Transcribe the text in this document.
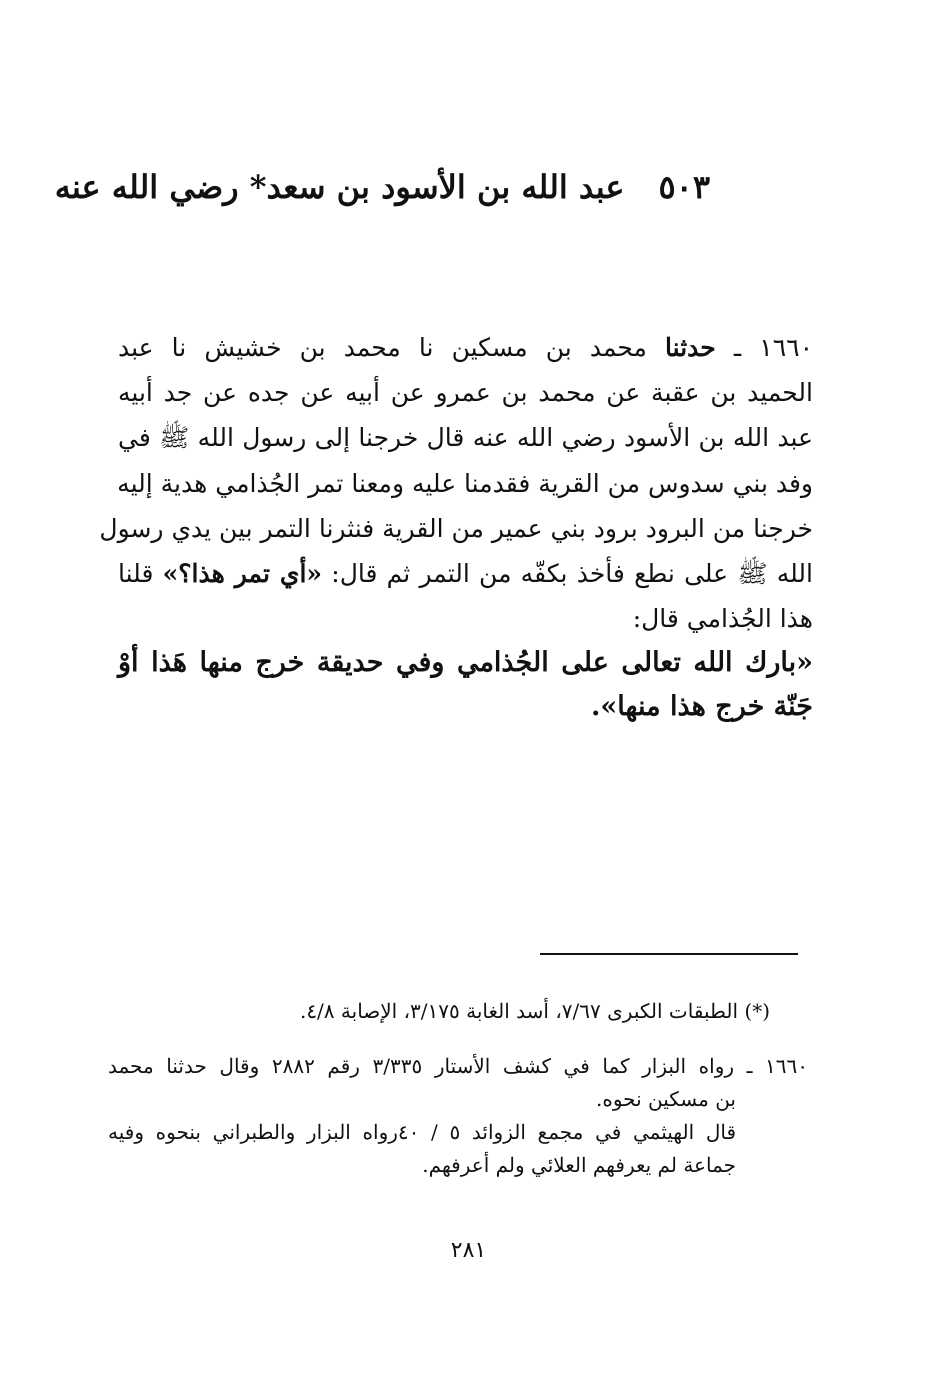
٥٠٣عبد الله بن الأسود بن سعد* رضي الله عنه
١٦٦٠ ـ حدثنا محمد بن مسكين نا محمد بن خشيش نا عبد
الحميد بن عقبة عن محمد بن عمرو عن أبيه عن جده عن جد أبيه
عبد الله بن الأسود رضي الله عنه قال خرجنا إلى رسول الله ﷺ في
وفد بني سدوس من القرية فقدمنا عليه ومعنا تمر الجُذامي هدية إليه
خرجنا من البرود برود بني عمير من القرية فنثرنا التمر بين يدي رسول
الله ﷺ على نطع فأخذ بكفّه من التمر ثم قال: «أي تمر هذا؟» قلنا
هذا الجُذامي قال:
«بارك الله تعالى على الجُذامي وفي حديقة خرج منها هَذا أوْ
جَنّة خرج هذا منها».
(*) الطبقات الكبرى ٧/٦٧، أسد الغابة ٣/١٧٥، الإصابة ٤/٨.
١٦٦٠ ـ رواه البزار كما في كشف الأستار ٣/٣٣٥ رقم ٢٨٨٢ وقال حدثنا محمد
بن مسكين نحوه.
قال الهيثمي في مجمع الزوائد ٥ / ٤٠رواه البزار والطبراني بنحوه وفيه
جماعة لم يعرفهم العلائي ولم أعرفهم.
٢٨١
